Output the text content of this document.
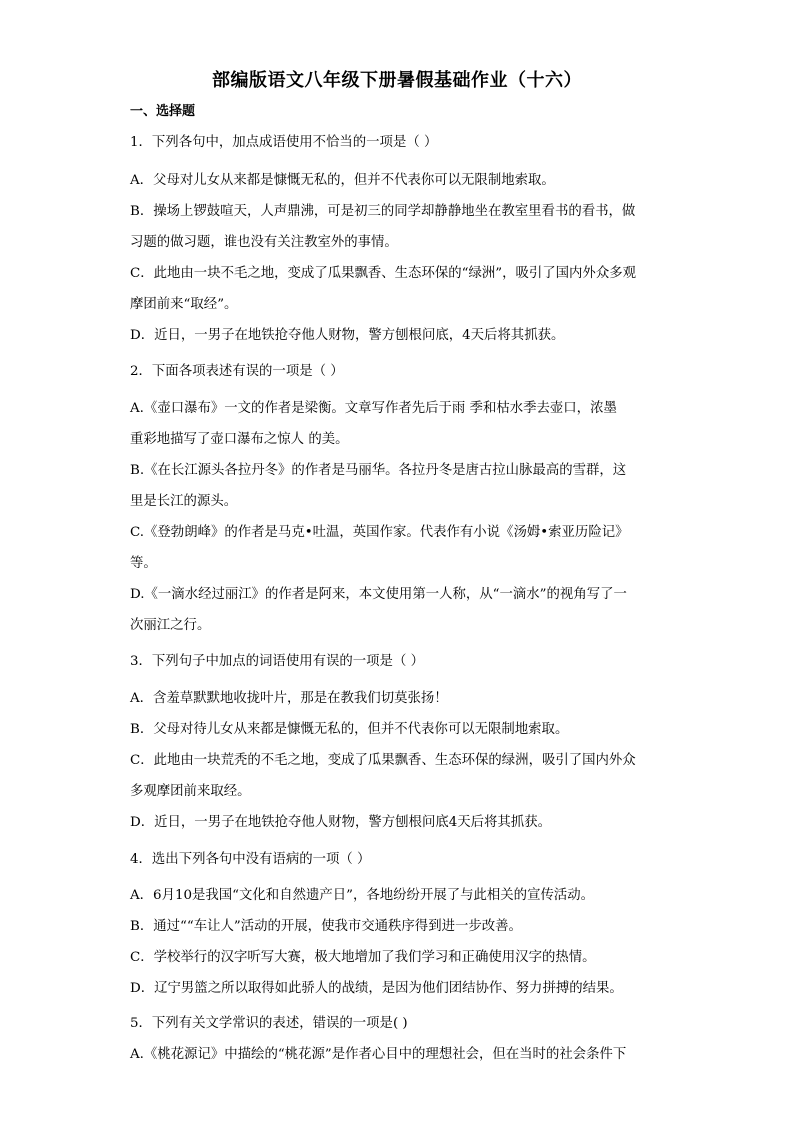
部编版语文八年级下册暑假基础作业（十六）
一、选择题
1．下列各句中，加点成语使用不恰当的一项是（ ）
A．父母对儿女从来都是慷慨无私的，但并不代表你可以无限制地索取。
B．操场上锣鼓喧天，人声鼎沸，可是初三的同学却静静地坐在教室里看书的看书，做
习题的做习题，谁也没有关注教室外的事情。
C．此地由一块不毛之地，变成了瓜果飘香、生态环保的“绿洲”，吸引了国内外众多观
摩团前来“取经”。
D．近日，一男子在地铁抢夺他人财物，警方刨根问底，4天后将其抓获。
2．下面各项表述有误的一项是（ ）
A.《壶口瀑布》一文的作者是梁衡。文章写作者先后于雨 季和枯水季去壶口，浓墨
重彩地描写了壶口瀑布之惊人 的美。
B.《在长江源头各拉丹冬》的作者是马丽华。各拉丹冬是唐古拉山脉最高的雪群，这
里是长江的源头。
C.《登勃朗峰》的作者是马克•吐温，英国作家。代表作有小说《汤姆•索亚历险记》
等。
D.《一滴水经过丽江》的作者是阿来，本文使用第一人称，从“一滴水”的视角写了一
次丽江之行。
3．下列句子中加点的词语使用有误的一项是（ ）
A．含羞草默默地收拢叶片，那是在教我们切莫张扬！
B．父母对待儿女从来都是慷慨无私的，但并不代表你可以无限制地索取。
C．此地由一块荒秃的不毛之地，变成了瓜果飘香、生态环保的绿洲，吸引了国内外众
多观摩团前来取经。
D．近日，一男子在地铁抢夺他人财物，警方刨根问底4天后将其抓获。
4．选出下列各句中没有语病的一项（ ）
A．6月10是我国“文化和自然遗产日”，各地纷纷开展了与此相关的宣传活动。
B．通过““车让人”活动的开展，使我市交通秩序得到进一步改善。
C．学校举行的汉字听写大赛，极大地增加了我们学习和正确使用汉字的热情。
D．辽宁男篮之所以取得如此骄人的战绩，是因为他们团结协作、努力拼搏的结果。
5．下列有关文学常识的表述，错误的一项是( )
A.《桃花源记》中描绘的“桃花源”是作者心目中的理想社会，但在当时的社会条件下
